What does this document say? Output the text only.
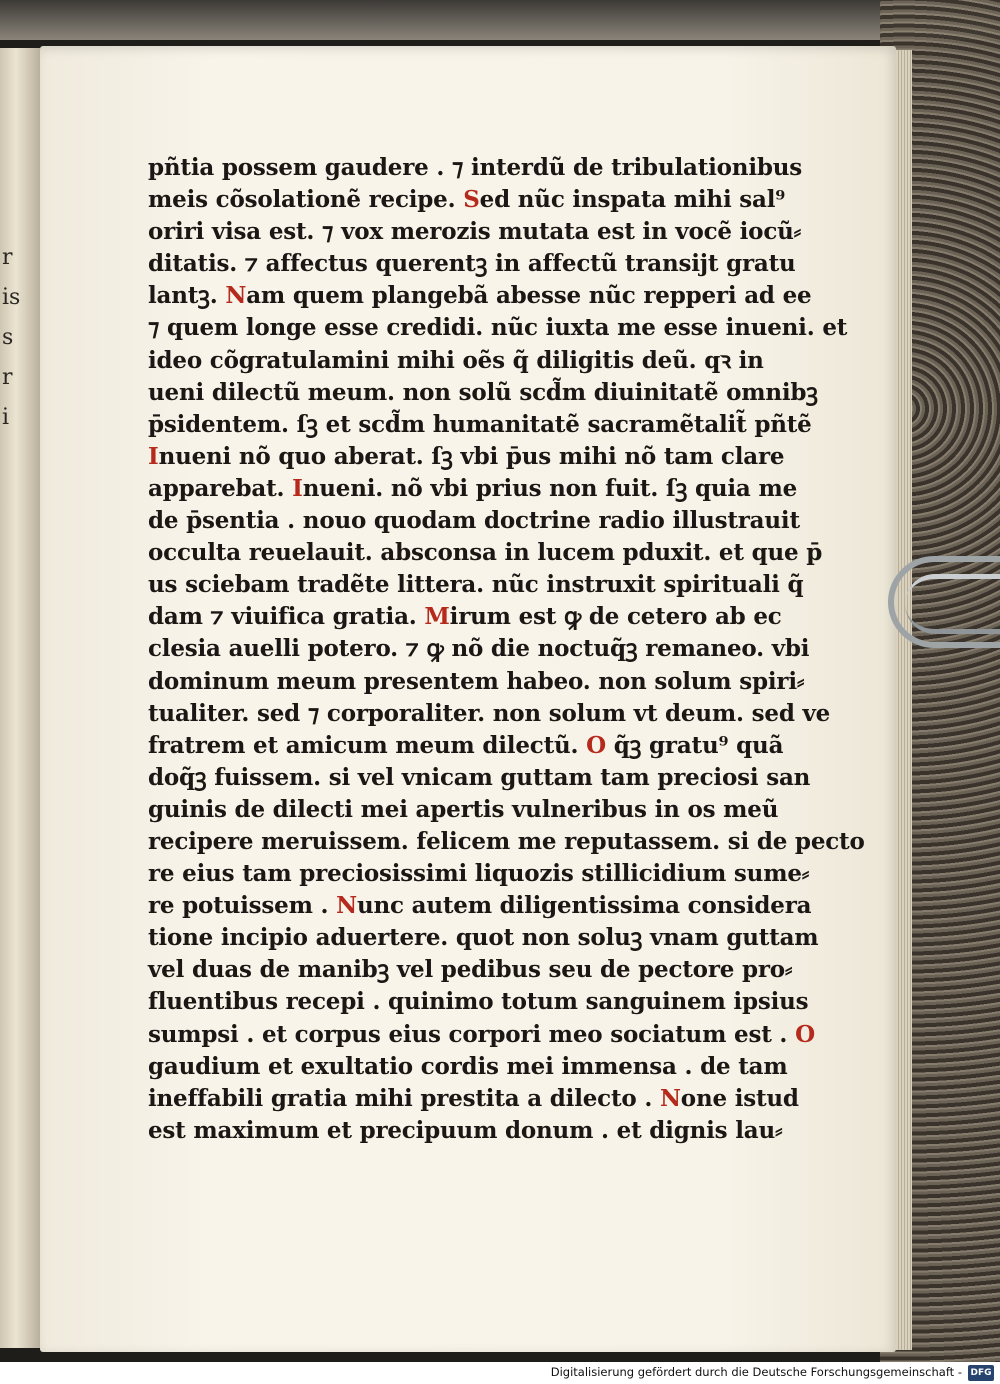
r
is
s
r
i
pñtia possem gaudere . ⁊ interdũ de tribulationibus
meis cõsolationẽ recipe. Sed nũc inspata mihi sal⁹
oriri visa est. ⁊ vox merozis mutata est in vocẽ iocũ⸗
ditatis. ⁊ affectus querentꝫ in affectũ transijt gratu
lantꝫ. Nam quem plangebã abesse nũc repperi ad ee
⁊ quem longe esse credidi. nũc iuxta me esse inueni. et
ideo cõgratulamini mihi oẽs q̃ diligitis deũ. qꝛ in
ueni dilectũ meum. non solũ scd̃m diuinitatẽ omnibꝫ
p̄sidentem. ſꝫ et scd̃m humanitatẽ sacramẽtalit̃ pñtẽ
Inueni nõ quo aberat. ſꝫ vbi p̄us mihi nõ tam clare
apparebat. Inueni. nõ vbi prius non fuit. ſꝫ quia me
de p̄sentia . nouo quodam doctrine radio illustrauit
occulta reuelauit. absconsa in lucem pduxit. et que p̄
us sciebam tradẽte littera. nũc instruxit spirituali q̃
dam ⁊ viuifica gratia. Mirum est ꝙ de cetero ab ec
clesia auelli potero. ⁊ ꝙ nõ die noctuq̃ꝫ remaneo. vbi
dominum meum presentem habeo. non solum spiri⸗
tualiter. sed ⁊ corporaliter. non solum vt deum. sed ve
fratrem et amicum meum dilectũ. O q̃ꝫ gratu⁹ quã
doq̃ꝫ fuissem. si vel vnicam guttam tam preciosi san
guinis de dilecti mei apertis vulneribus in os meũ
recipere meruissem. felicem me reputassem. si de pecto
re eius tam preciosissimi liquozis stillicidium sume⸗
re potuissem . Nunc autem diligentissima considera
tione incipio aduertere. quot non soluꝫ vnam guttam
vel duas de manibꝫ vel pedibus seu de pectore pro⸗
fluentibus recepi . quinimo totum sanguinem ipsius
sumpsi . et corpus eius corpori meo sociatum est . O
gaudium et exultatio cordis mei immensa . de tam
ineffabili gratia mihi prestita a dilecto . None istud
est maximum et precipuum donum . et dignis lau⸗
Digitalisierung gefördert durch die Deutsche Forschungsgemeinschaft - DFG
